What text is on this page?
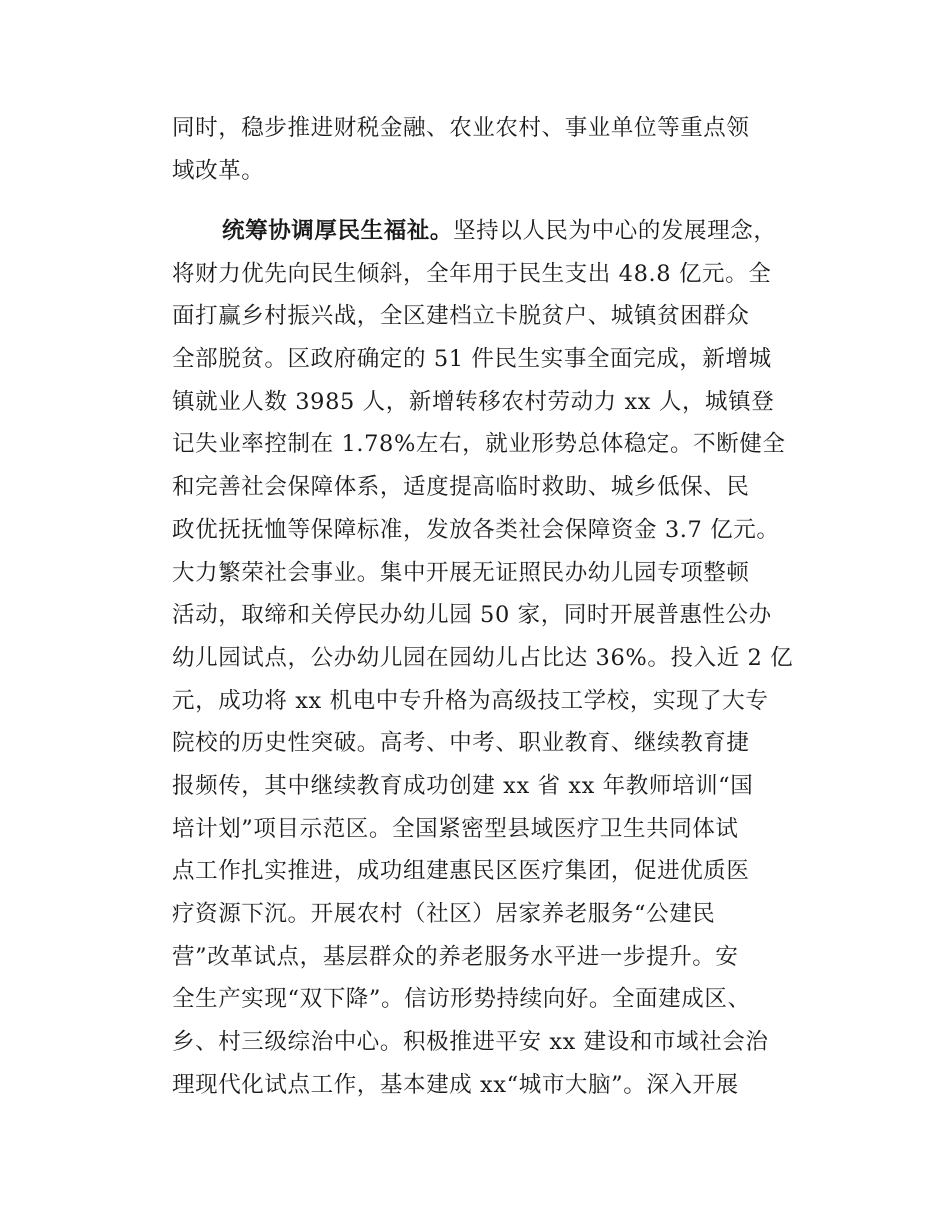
同时，稳步推进财税金融、农业农村、事业单位等重点领
域改革。
统筹协调厚民生福祉。坚持以人民为中心的发展理念，
将财力优先向民生倾斜，全年用于民生支出 48.8 亿元。全
面打赢乡村振兴战，全区建档立卡脱贫户、城镇贫困群众
全部脱贫。区政府确定的 51 件民生实事全面完成，新增城
镇就业人数 3985 人，新增转移农村劳动力 xx 人，城镇登
记失业率控制在 1.78%左右，就业形势总体稳定。不断健全
和完善社会保障体系，适度提高临时救助、城乡低保、民
政优抚抚恤等保障标准，发放各类社会保障资金 3.7 亿元。
大力繁荣社会事业。集中开展无证照民办幼儿园专项整顿
活动，取缔和关停民办幼儿园 50 家，同时开展普惠性公办
幼儿园试点，公办幼儿园在园幼儿占比达 36%。投入近 2 亿
元，成功将 xx 机电中专升格为高级技工学校，实现了大专
院校的历史性突破。高考、中考、职业教育、继续教育捷
报频传，其中继续教育成功创建 xx 省 xx 年教师培训“国
培计划”项目示范区。全国紧密型县域医疗卫生共同体试
点工作扎实推进，成功组建惠民区医疗集团，促进优质医
疗资源下沉。开展农村（社区）居家养老服务“公建民
营”改革试点，基层群众的养老服务水平进一步提升。安
全生产实现“双下降”。信访形势持续向好。全面建成区、
乡、村三级综治中心。积极推进平安 xx 建设和市域社会治
理现代化试点工作，基本建成 xx“城市大脑”。深入开展
